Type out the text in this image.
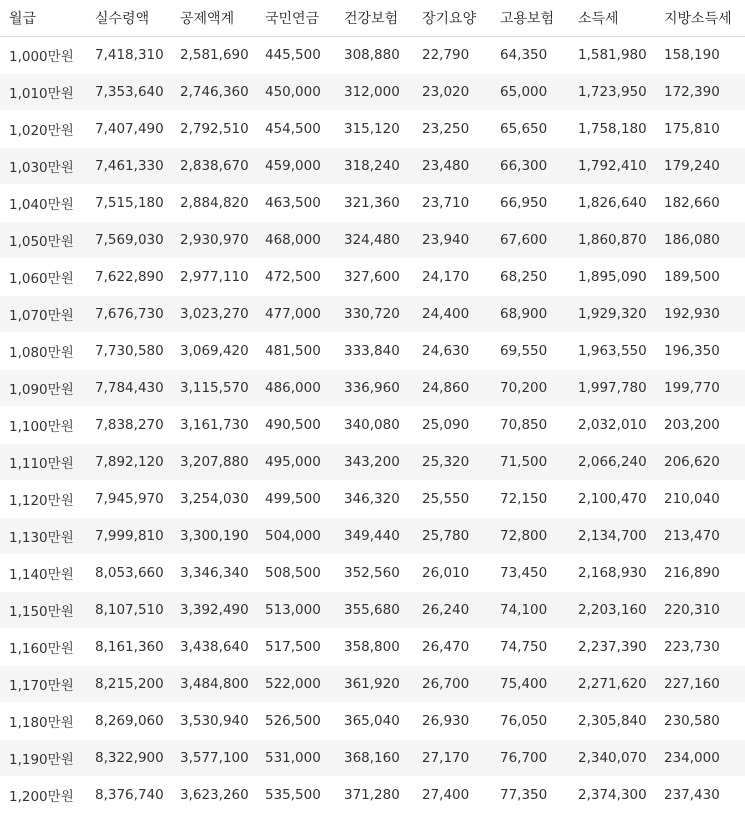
월급	실수령액	공제액계	국민연금	건강보험	장기요양	고용보험	소득세	지방소득세
1,000만원	7,418,310	2,581,690	445,500	308,880	22,790	64,350	1,581,980	158,190
1,010만원	7,353,640	2,746,360	450,000	312,000	23,020	65,000	1,723,950	172,390
1,020만원	7,407,490	2,792,510	454,500	315,120	23,250	65,650	1,758,180	175,810
1,030만원	7,461,330	2,838,670	459,000	318,240	23,480	66,300	1,792,410	179,240
1,040만원	7,515,180	2,884,820	463,500	321,360	23,710	66,950	1,826,640	182,660
1,050만원	7,569,030	2,930,970	468,000	324,480	23,940	67,600	1,860,870	186,080
1,060만원	7,622,890	2,977,110	472,500	327,600	24,170	68,250	1,895,090	189,500
1,070만원	7,676,730	3,023,270	477,000	330,720	24,400	68,900	1,929,320	192,930
1,080만원	7,730,580	3,069,420	481,500	333,840	24,630	69,550	1,963,550	196,350
1,090만원	7,784,430	3,115,570	486,000	336,960	24,860	70,200	1,997,780	199,770
1,100만원	7,838,270	3,161,730	490,500	340,080	25,090	70,850	2,032,010	203,200
1,110만원	7,892,120	3,207,880	495,000	343,200	25,320	71,500	2,066,240	206,620
1,120만원	7,945,970	3,254,030	499,500	346,320	25,550	72,150	2,100,470	210,040
1,130만원	7,999,810	3,300,190	504,000	349,440	25,780	72,800	2,134,700	213,470
1,140만원	8,053,660	3,346,340	508,500	352,560	26,010	73,450	2,168,930	216,890
1,150만원	8,107,510	3,392,490	513,000	355,680	26,240	74,100	2,203,160	220,310
1,160만원	8,161,360	3,438,640	517,500	358,800	26,470	74,750	2,237,390	223,730
1,170만원	8,215,200	3,484,800	522,000	361,920	26,700	75,400	2,271,620	227,160
1,180만원	8,269,060	3,530,940	526,500	365,040	26,930	76,050	2,305,840	230,580
1,190만원	8,322,900	3,577,100	531,000	368,160	27,170	76,700	2,340,070	234,000
1,200만원	8,376,740	3,623,260	535,500	371,280	27,400	77,350	2,374,300	237,430
